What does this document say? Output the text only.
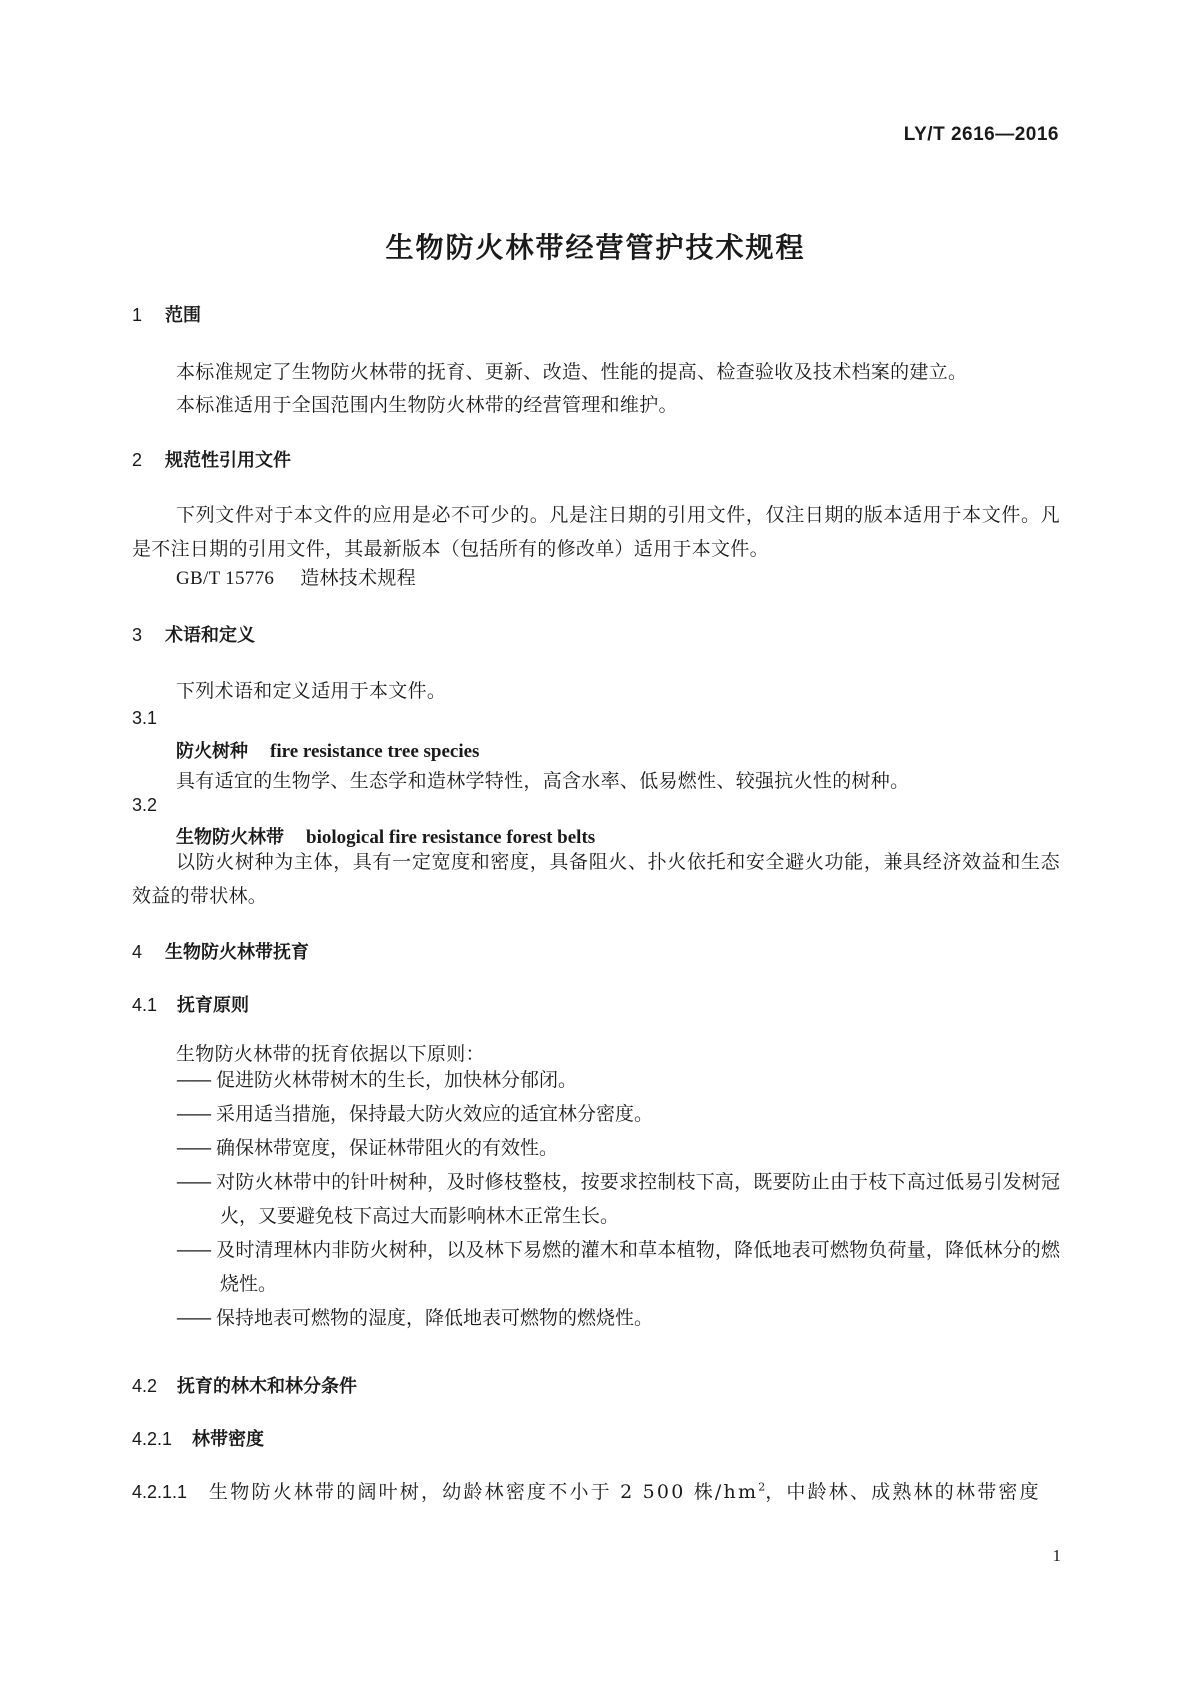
LY/T 2616—2016
生物防火林带经营管护技术规程
1 范围
本标准规定了生物防火林带的抚育、更新、改造、性能的提高、检查验收及技术档案的建立。
本标准适用于全国范围内生物防火林带的经营管理和维护。
2 规范性引用文件
下列文件对于本文件的应用是必不可少的。凡是注日期的引用文件，仅注日期的版本适用于本文件。凡是不注日期的引用文件，其最新版本（包括所有的修改单）适用于本文件。
GB/T 15776 造林技术规程
3 术语和定义
下列术语和定义适用于本文件。
3.1
防火树种 fire resistance tree species
具有适宜的生物学、生态学和造林学特性，高含水率、低易燃性、较强抗火性的树种。
3.2
生物防火林带 biological fire resistance forest belts
以防火树种为主体，具有一定宽度和密度，具备阻火、扑火依托和安全避火功能，兼具经济效益和生态效益的带状林。
4 生物防火林带抚育
4.1 抚育原则
生物防火林带的抚育依据以下原则：
—— 促进防火林带树木的生长，加快林分郁闭。
—— 采用适当措施，保持最大防火效应的适宜林分密度。
—— 确保林带宽度，保证林带阻火的有效性。
—— 对防火林带中的针叶树种，及时修枝整枝，按要求控制枝下高，既要防止由于枝下高过低易引发树冠火，又要避免枝下高过大而影响林木正常生长。
—— 及时清理林内非防火树种，以及林下易燃的灌木和草本植物，降低地表可燃物负荷量，降低林分的燃烧性。
—— 保持地表可燃物的湿度，降低地表可燃物的燃烧性。
4.2 抚育的林木和林分条件
4.2.1 林带密度
4.2.1.1 生物防火林带的阔叶树，幼龄林密度不小于 2 500 株$/hm^2$，中龄林、成熟林的林带密度
1
